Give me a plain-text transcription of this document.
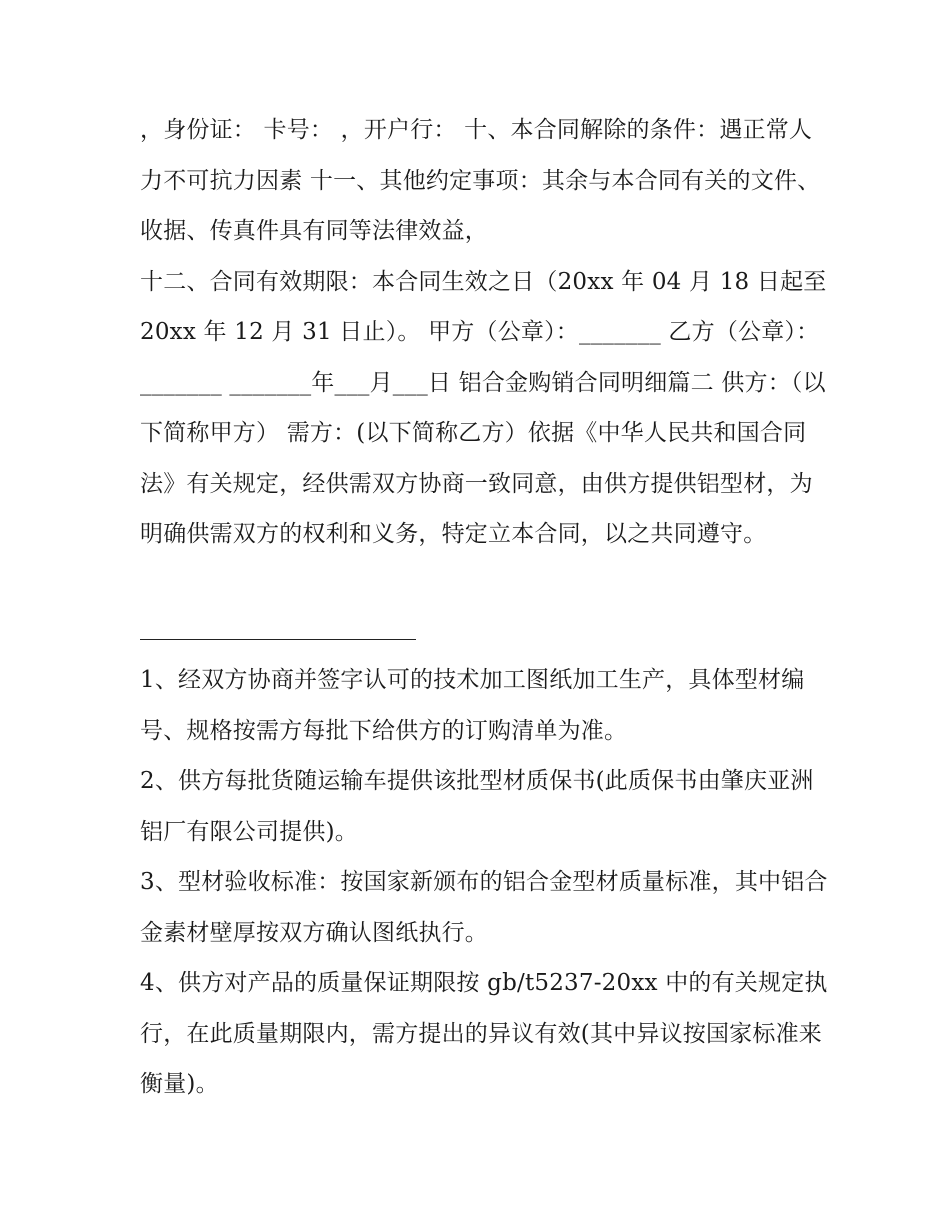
，身份证： 卡号： ，开户行： 十、本合同解除的条件：遇正常人力不可抗力因素 十一、其他约定事项：其余与本合同有关的文件、收据、传真件具有同等法律效益，

十二、合同有效期限：本合同生效之日（20xx 年 04 月 18 日起至 20xx 年 12 月 31 日止）。 甲方（公章）：_______ 乙方（公章）：_______ _______年___月___日 铝合金购销合同明细篇二 供方：（以下简称甲方） 需方：(以下简称乙方）依据《中华人民共和国合同法》有关规定，经供需双方协商一致同意，由供方提供铝型材，为明确供需双方的权利和义务，特定立本合同，以之共同遵守。

1、经双方协商并签字认可的技术加工图纸加工生产，具体型材编号、规格按需方每批下给供方的订购清单为准。

2、供方每批货随运输车提供该批型材质保书(此质保书由肇庆亚洲铝厂有限公司提供)。

3、型材验收标准：按国家新颁布的铝合金型材质量标准，其中铝合金素材壁厚按双方确认图纸执行。

4、供方对产品的质量保证期限按 gb/t5237-20xx 中的有关规定执行，在此质量期限内，需方提出的异议有效(其中异议按国家标准来衡量)。
